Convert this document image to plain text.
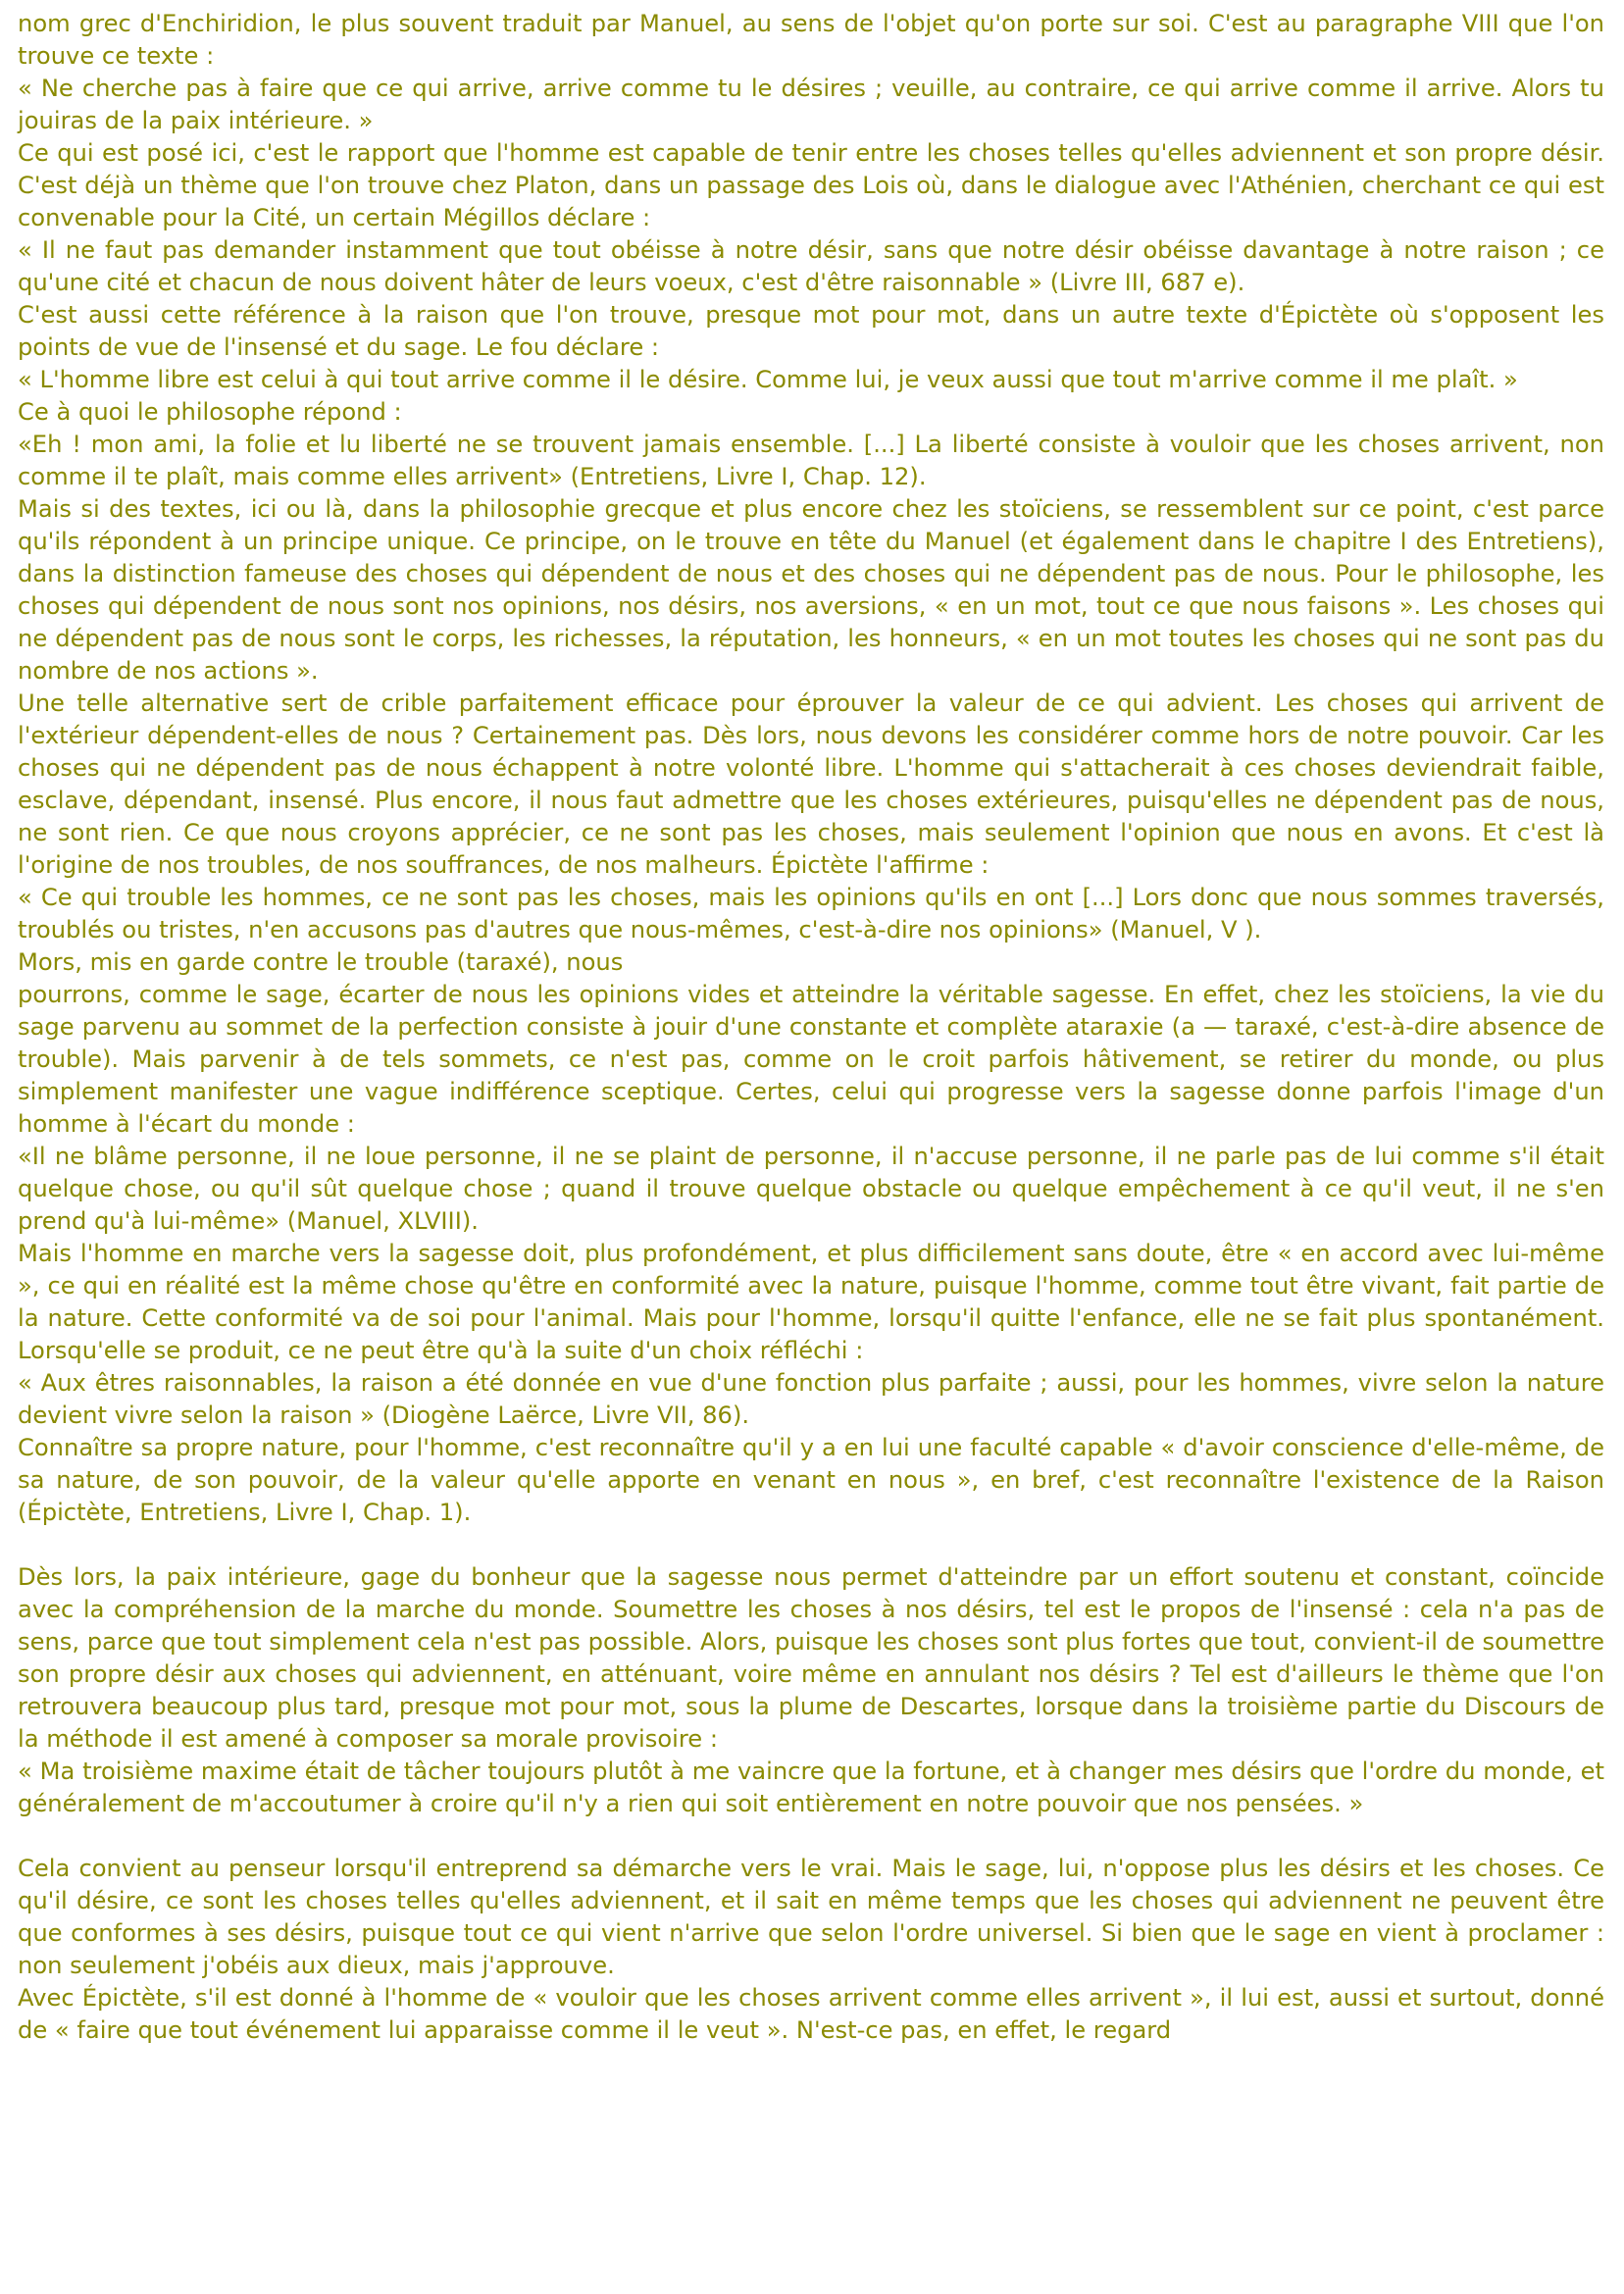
nom grec d'Enchiridion, le plus souvent traduit par Manuel, au sens de l'objet qu'on porte sur soi. C'est au paragraphe VIII que l'on trouve ce texte :

« Ne cherche pas à faire que ce qui arrive, arrive comme tu le désires ; veuille, au contraire, ce qui arrive comme il arrive. Alors tu jouiras de la paix intérieure. »

Ce qui est posé ici, c'est le rapport que l'homme est capable de tenir entre les choses telles qu'elles adviennent et son propre désir. C'est déjà un thème que l'on trouve chez Platon, dans un passage des Lois où, dans le dialogue avec l'Athénien, cherchant ce qui est convenable pour la Cité, un certain Mégillos déclare :

« Il ne faut pas demander instamment que tout obéisse à notre désir, sans que notre désir obéisse davantage à notre raison ; ce qu'une cité et chacun de nous doivent hâter de leurs voeux, c'est d'être raisonnable » (Livre III, 687 e).

C'est aussi cette référence à la raison que l'on trouve, presque mot pour mot, dans un autre texte d'Épictète où s'opposent les points de vue de l'insensé et du sage. Le fou déclare :

« L'homme libre est celui à qui tout arrive comme il le désire. Comme lui, je veux aussi que tout m'arrive comme il me plaît. »

Ce à quoi le philosophe répond :

«Eh ! mon ami, la folie et lu liberté ne se trouvent jamais ensemble. [...] La liberté consiste à vouloir que les choses arrivent, non comme il te plaît, mais comme elles arrivent» (Entretiens, Livre I, Chap. 12).

Mais si des textes, ici ou là, dans la philosophie grecque et plus encore chez les stoïciens, se ressemblent sur ce point, c'est parce qu'ils répondent à un principe unique. Ce principe, on le trouve en tête du Manuel (et également dans le chapitre I des Entretiens), dans la distinction fameuse des choses qui dépendent de nous et des choses qui ne dépendent pas de nous. Pour le philosophe, les choses qui dépendent de nous sont nos opinions, nos désirs, nos aversions, « en un mot, tout ce que nous faisons ». Les choses qui ne dépendent pas de nous sont le corps, les richesses, la réputation, les honneurs, « en un mot toutes les choses qui ne sont pas du nombre de nos actions ».

Une telle alternative sert de crible parfaitement efficace pour éprouver la valeur de ce qui advient. Les choses qui arrivent de l'extérieur dépendent-elles de nous ? Certainement pas. Dès lors, nous devons les considérer comme hors de notre pouvoir. Car les choses qui ne dépendent pas de nous échappent à notre volonté libre. L'homme qui s'attacherait à ces choses deviendrait faible, esclave, dépendant, insensé. Plus encore, il nous faut admettre que les choses extérieures, puisqu'elles ne dépendent pas de nous, ne sont rien. Ce que nous croyons apprécier, ce ne sont pas les choses, mais seulement l'opinion que nous en avons. Et c'est là l'origine de nos troubles, de nos souffrances, de nos malheurs. Épictète l'affirme :

« Ce qui trouble les hommes, ce ne sont pas les choses, mais les opinions qu'ils en ont [...] Lors donc que nous sommes traversés, troublés ou tristes, n'en accusons pas d'autres que nous-mêmes, c'est-à-dire nos opinions» (Manuel, V ).

Mors, mis en garde contre le trouble (taraxé), nous

pourrons, comme le sage, écarter de nous les opinions vides et atteindre la véritable sagesse. En effet, chez les stoïciens, la vie du sage parvenu au sommet de la perfection consiste à jouir d'une constante et complète ataraxie (a — taraxé, c'est-à-dire absence de trouble). Mais parvenir à de tels sommets, ce n'est pas, comme on le croit parfois hâtivement, se retirer du monde, ou plus simplement manifester une vague indifférence sceptique. Certes, celui qui progresse vers la sagesse donne parfois l'image d'un homme à l'écart du monde :

«Il ne blâme personne, il ne loue personne, il ne se plaint de personne, il n'accuse personne, il ne parle pas de lui comme s'il était quelque chose, ou qu'il sût quelque chose ; quand il trouve quelque obstacle ou quelque empêchement à ce qu'il veut, il ne s'en prend qu'à lui-même» (Manuel, XLVIII).

Mais l'homme en marche vers la sagesse doit, plus profondément, et plus difficilement sans doute, être « en accord avec lui-même », ce qui en réalité est la même chose qu'être en conformité avec la nature, puisque l'homme, comme tout être vivant, fait partie de la nature. Cette conformité va de soi pour l'animal. Mais pour l'homme, lorsqu'il quitte l'enfance, elle ne se fait plus spontanément. Lorsqu'elle se produit, ce ne peut être qu'à la suite d'un choix réfléchi :

« Aux êtres raisonnables, la raison a été donnée en vue d'une fonction plus parfaite ; aussi, pour les hommes, vivre selon la nature devient vivre selon la raison » (Diogène Laërce, Livre VII, 86).

Connaître sa propre nature, pour l'homme, c'est reconnaître qu'il y a en lui une faculté capable « d'avoir conscience d'elle-même, de sa nature, de son pouvoir, de la valeur qu'elle apporte en venant en nous », en bref, c'est reconnaître l'existence de la Raison (Épictète, Entretiens, Livre I, Chap. 1).

Dès lors, la paix intérieure, gage du bonheur que la sagesse nous permet d'atteindre par un effort soutenu et constant, coïncide avec la compréhension de la marche du monde. Soumettre les choses à nos désirs, tel est le propos de l'insensé : cela n'a pas de sens, parce que tout simplement cela n'est pas possible. Alors, puisque les choses sont plus fortes que tout, convient-il de soumettre son propre désir aux choses qui adviennent, en atténuant, voire même en annulant nos désirs ? Tel est d'ailleurs le thème que l'on retrouvera beaucoup plus tard, presque mot pour mot, sous la plume de Descartes, lorsque dans la troisième partie du Discours de la méthode il est amené à composer sa morale provisoire :

« Ma troisième maxime était de tâcher toujours plutôt à me vaincre que la fortune, et à changer mes désirs que l'ordre du monde, et généralement de m'accoutumer à croire qu'il n'y a rien qui soit entièrement en notre pouvoir que nos pensées. »

Cela convient au penseur lorsqu'il entreprend sa démarche vers le vrai. Mais le sage, lui, n'oppose plus les désirs et les choses. Ce qu'il désire, ce sont les choses telles qu'elles adviennent, et il sait en même temps que les choses qui adviennent ne peuvent être que conformes à ses désirs, puisque tout ce qui vient n'arrive que selon l'ordre universel. Si bien que le sage en vient à proclamer : non seulement j'obéis aux dieux, mais j'approuve.

Avec Épictète, s'il est donné à l'homme de « vouloir que les choses arrivent comme elles arrivent », il lui est, aussi et surtout, donné de « faire que tout événement lui apparaisse comme il le veut ». N'est-ce pas, en effet, le regard
